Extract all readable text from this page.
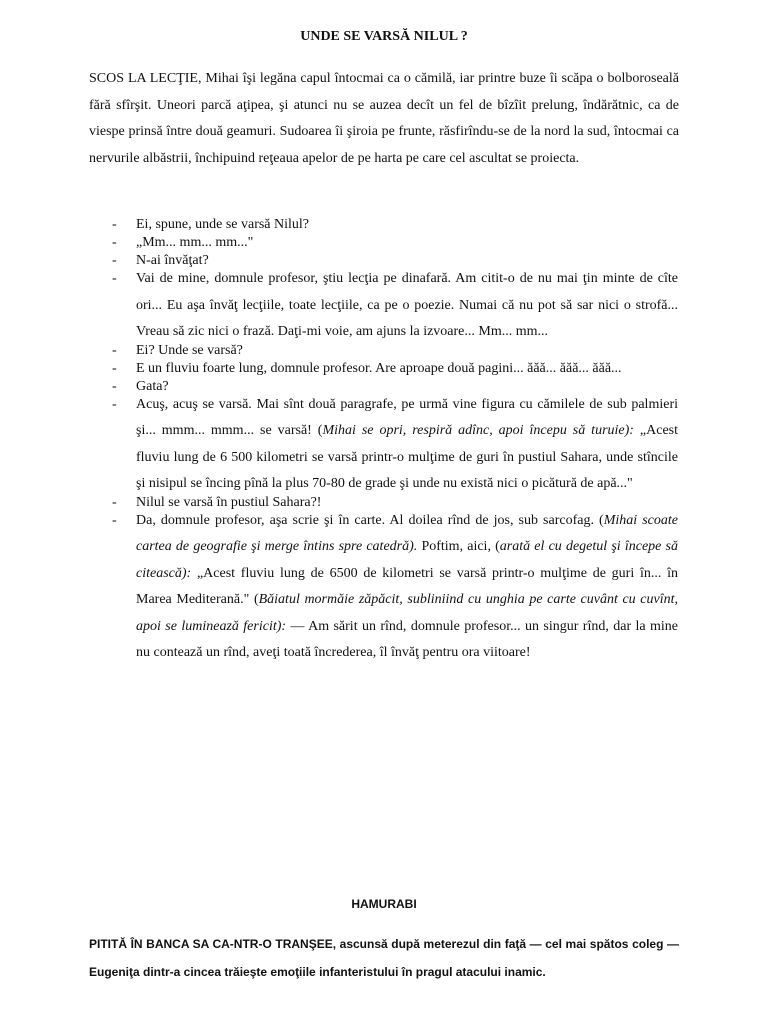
UNDE SE VARSĂ NILUL ?
SCOS LA LECŢIE, Mihai îşi legăna capul întocmai ca o cămilă, iar printre buze îi scăpa o bolboroseală fără sfîrşit. Uneori parcă aţipea, şi atunci nu se auzea decît un fel de bîzîit prelung, îndărătnic, ca de viespe prinsă între două geamuri. Sudoarea îi şiroia pe frunte, răsfirîndu-se de la nord la sud, întocmai ca nervurile albăstrii, închipuind reţeaua apelor de pe harta pe care cel ascultat se proiecta.
- Ei, spune, unde se varsă Nilul?
- „Mm... mm... mm..."
- N-ai învăţat?
- Vai de mine, domnule profesor, ştiu lecţia pe dinafară. Am citit-o de nu mai ţin minte de cîte ori... Eu aşa învăţ lecţiile, toate lecţiile, ca pe o poezie. Numai că nu pot să sar nici o strofă... Vreau să zic nici o frază. Daţi-mi voie, am ajuns la izvoare... Mm... mm...
- Ei? Unde se varsă?
- E un fluviu foarte lung, domnule profesor. Are aproape două pagini... ăăă... ăăă... ăăă...
- Gata?
- Acuş, acuş se varsă. Mai sînt două paragrafe, pe urmă vine figura cu cămilele de sub palmieri şi... mmm... mmm... se varsă! (Mihai se opri, respiră adînc, apoi începu să turuie): „Acest fluviu lung de 6 500 kilometri se varsă printr-o mulţime de guri în pustiul Sahara, unde stîncile şi nisipul se încing pînă la plus 70-80 de grade şi unde nu există nici o picătură de apă..."
- Nilul se varsă în pustiul Sahara?!
- Da, domnule profesor, aşa scrie şi în carte. Al doilea rînd de jos, sub sarcofag. (Mihai scoate cartea de geografie şi merge întins spre catedră). Poftim, aici, (arată el cu degetul şi începe să citească): „Acest fluviu lung de 6500 de kilometri se varsă printr-o mulţime de guri în... în Marea Mediterană." (Băiatul mormăie zăpăcit, subliniind cu unghia pe carte cuvânt cu cuvînt, apoi se luminează fericit): — Am sărit un rînd, domnule profesor... un singur rînd, dar la mine nu contează un rînd, aveţi toată încrederea, îl învăţ pentru ora viitoare!
HAMURABI
PITITĂ ÎN BANCA SA CA-NTR-O TRANŞEE, ascunsă după meterezul din faţă — cel mai spătos coleg — Eugeniţa dintr-a cincea trăieşte emoţiile infanteristului în pragul atacului inamic.
